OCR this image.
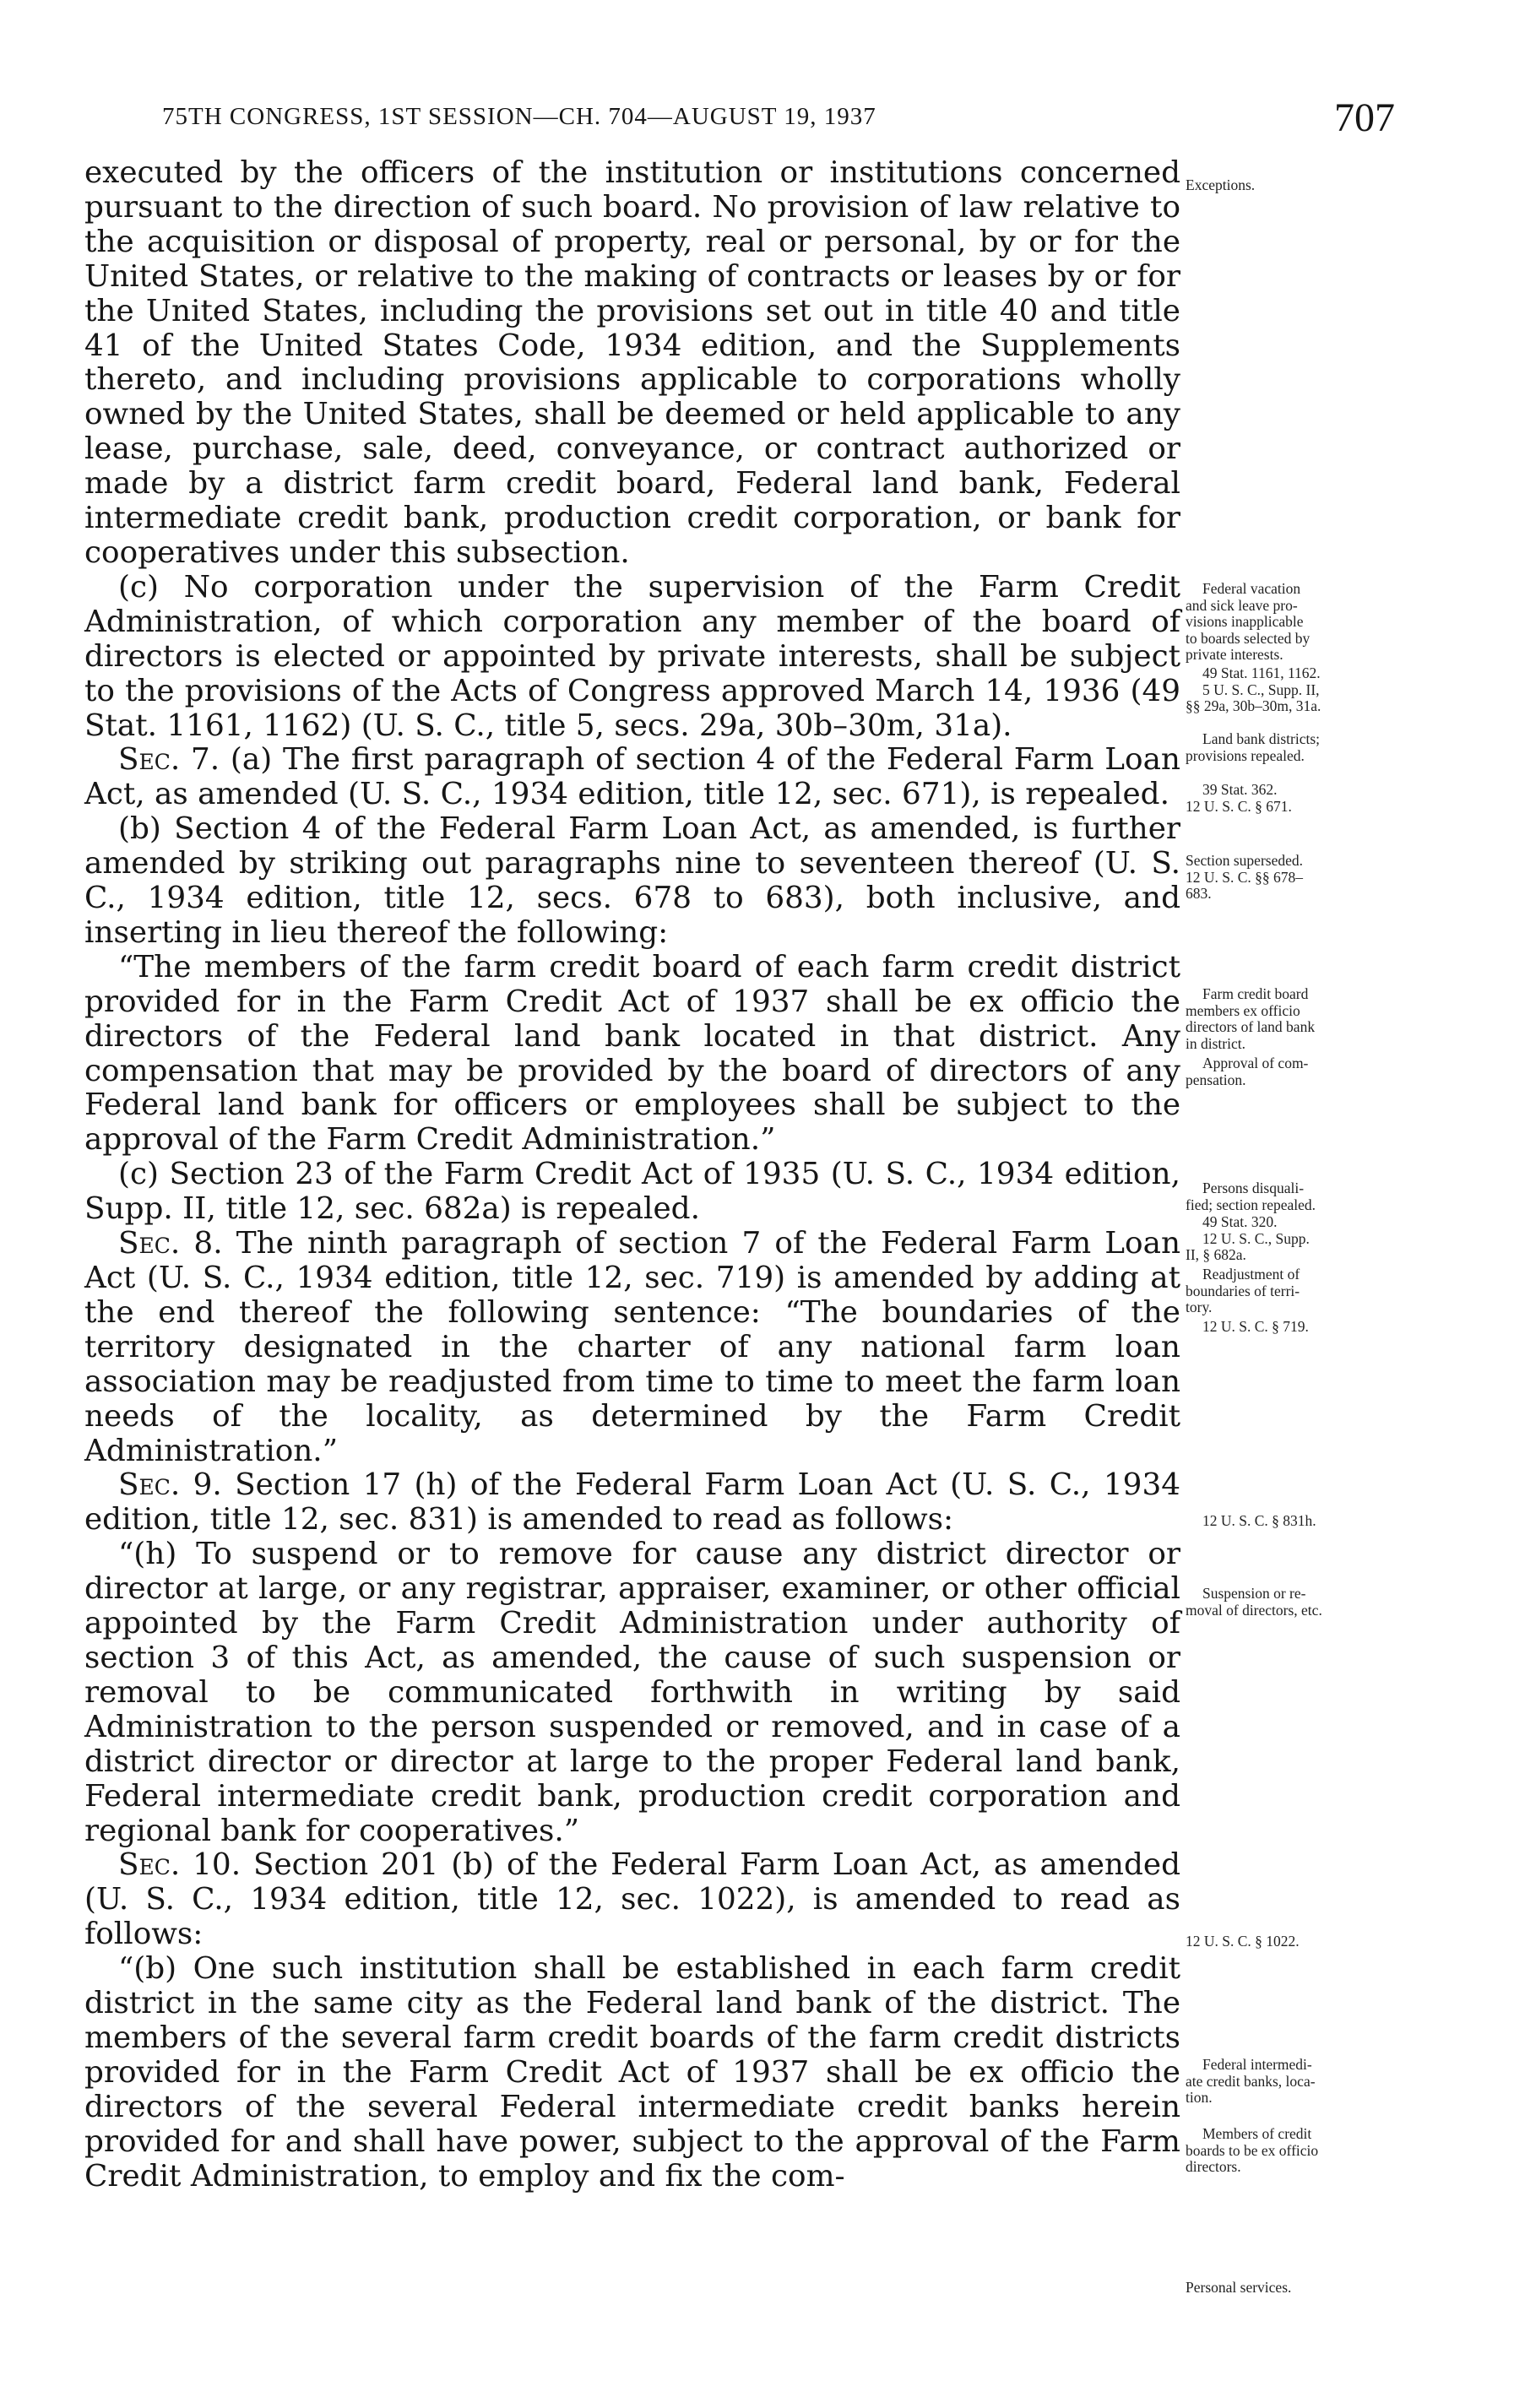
75TH CONGRESS, 1ST SESSION—CH. 704—AUGUST 19, 1937	707

executed by the officers of the institution or institutions concerned pursuant to the direction of such board. No provision of law relative to the acquisition or disposal of property, real or personal, by or for the United States, or relative to the making of contracts or leases by or for the United States, including the provisions set out in title 40 and title 41 of the United States Code, 1934 edition, and the Supplements thereto, and including provisions applicable to corporations wholly owned by the United States, shall be deemed or held applicable to any lease, purchase, sale, deed, conveyance, or contract authorized or made by a district farm credit board, Federal land bank, Federal intermediate credit bank, production credit corporation, or bank for cooperatives under this subsection.

(c) No corporation under the supervision of the Farm Credit Administration, of which corporation any member of the board of directors is elected or appointed by private interests, shall be subject to the provisions of the Acts of Congress approved March 14, 1936 (49 Stat. 1161, 1162) (U. S. C., title 5, secs. 29a, 30b–30m, 31a).

Sec. 7. (a) The first paragraph of section 4 of the Federal Farm Loan Act, as amended (U. S. C., 1934 edition, title 12, sec. 671), is repealed.

(b) Section 4 of the Federal Farm Loan Act, as amended, is further amended by striking out paragraphs nine to seventeen thereof (U. S. C., 1934 edition, title 12, secs. 678 to 683), both inclusive, and inserting in lieu thereof the following:

“The members of the farm credit board of each farm credit district provided for in the Farm Credit Act of 1937 shall be ex officio the directors of the Federal land bank located in that district. Any compensation that may be provided by the board of directors of any Federal land bank for officers or employees shall be subject to the approval of the Farm Credit Administration.”

(c) Section 23 of the Farm Credit Act of 1935 (U. S. C., 1934 edition, Supp. II, title 12, sec. 682a) is repealed.

Sec. 8. The ninth paragraph of section 7 of the Federal Farm Loan Act (U. S. C., 1934 edition, title 12, sec. 719) is amended by adding at the end thereof the following sentence: “The boundaries of the territory designated in the charter of any national farm loan association may be readjusted from time to time to meet the farm loan needs of the locality, as determined by the Farm Credit Administration.”

Sec. 9. Section 17 (h) of the Federal Farm Loan Act (U. S. C., 1934 edition, title 12, sec. 831) is amended to read as follows:

“(h) To suspend or to remove for cause any district director or director at large, or any registrar, appraiser, examiner, or other official appointed by the Farm Credit Administration under authority of section 3 of this Act, as amended, the cause of such suspension or removal to be communicated forthwith in writing by said Administration to the person suspended or removed, and in case of a district director or director at large to the proper Federal land bank, Federal intermediate credit bank, production credit corporation and regional bank for cooperatives.”

Sec. 10. Section 201 (b) of the Federal Farm Loan Act, as amended (U. S. C., 1934 edition, title 12, sec. 1022), is amended to read as follows:

“(b) One such institution shall be established in each farm credit district in the same city as the Federal land bank of the district. The members of the several farm credit boards of the farm credit districts provided for in the Farm Credit Act of 1937 shall be ex officio the directors of the several Federal intermediate credit banks herein provided for and shall have power, subject to the approval of the Farm Credit Administration, to employ and fix the com-

Exceptions.
Federal vacation
and sick leave pro-
visions inapplicable
to boards selected by
private interests.
49 Stat. 1161, 1162.
5 U. S. C., Supp. II,
§§ 29a, 30b–30m, 31a.
Land bank districts;
provisions repealed.
39 Stat. 362.
12 U. S. C. § 671.
Section superseded.
12 U. S. C. §§ 678–
683.
Farm credit board
members ex officio
directors of land bank
in district.
Approval of com-
pensation.
Persons disquali-
fied; section repealed.
49 Stat. 320.
12 U. S. C., Supp.
II, § 682a.
Readjustment of
boundaries of terri-
tory.
12 U. S. C. § 719.
12 U. S. C. § 831h.
Suspension or re-
moval of directors, etc.
12 U. S. C. § 1022.
Federal intermedi-
ate credit banks, loca-
tion.
Members of credit
boards to be ex officio
directors.
Personal services.
